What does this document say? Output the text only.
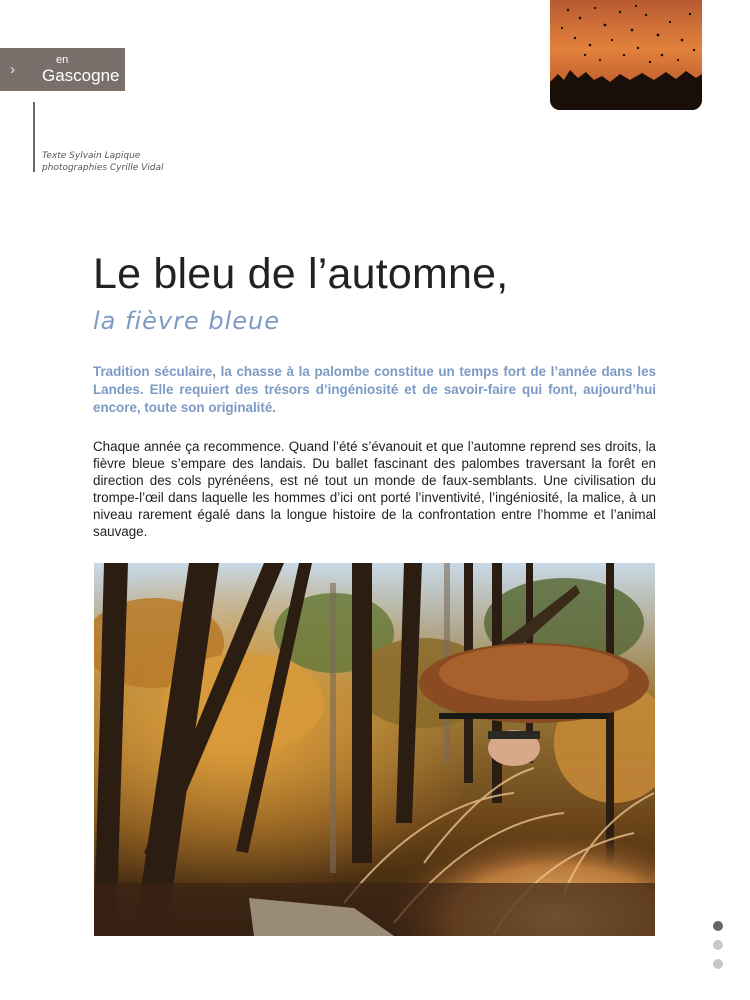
›
en
Gascogne
Texte Sylvain Lapique
photographies Cyrille Vidal
Le bleu de l’automne,
la fièvre bleue

Tradition séculaire, la chasse à la palombe constitue un temps fort de l’année dans les Landes. Elle requiert des trésors d’ingéniosité et de savoir-faire qui font, aujourd’hui encore, toute son originalité.

Chaque année ça recommence. Quand l’été s’évanouit et que l’automne reprend ses droits, la fièvre bleue s’empare des landais. Du ballet fascinant des palombes traversant la forêt en direction des cols pyrénéens, est né tout un monde de faux-semblants. Une civilisation du trompe-l’œil dans laquelle les hommes d’ici ont porté l’inventivité, l’ingéniosité, la malice, à un niveau rarement égalé dans la longue histoire de la confrontation entre l’homme et l’animal sauvage.
